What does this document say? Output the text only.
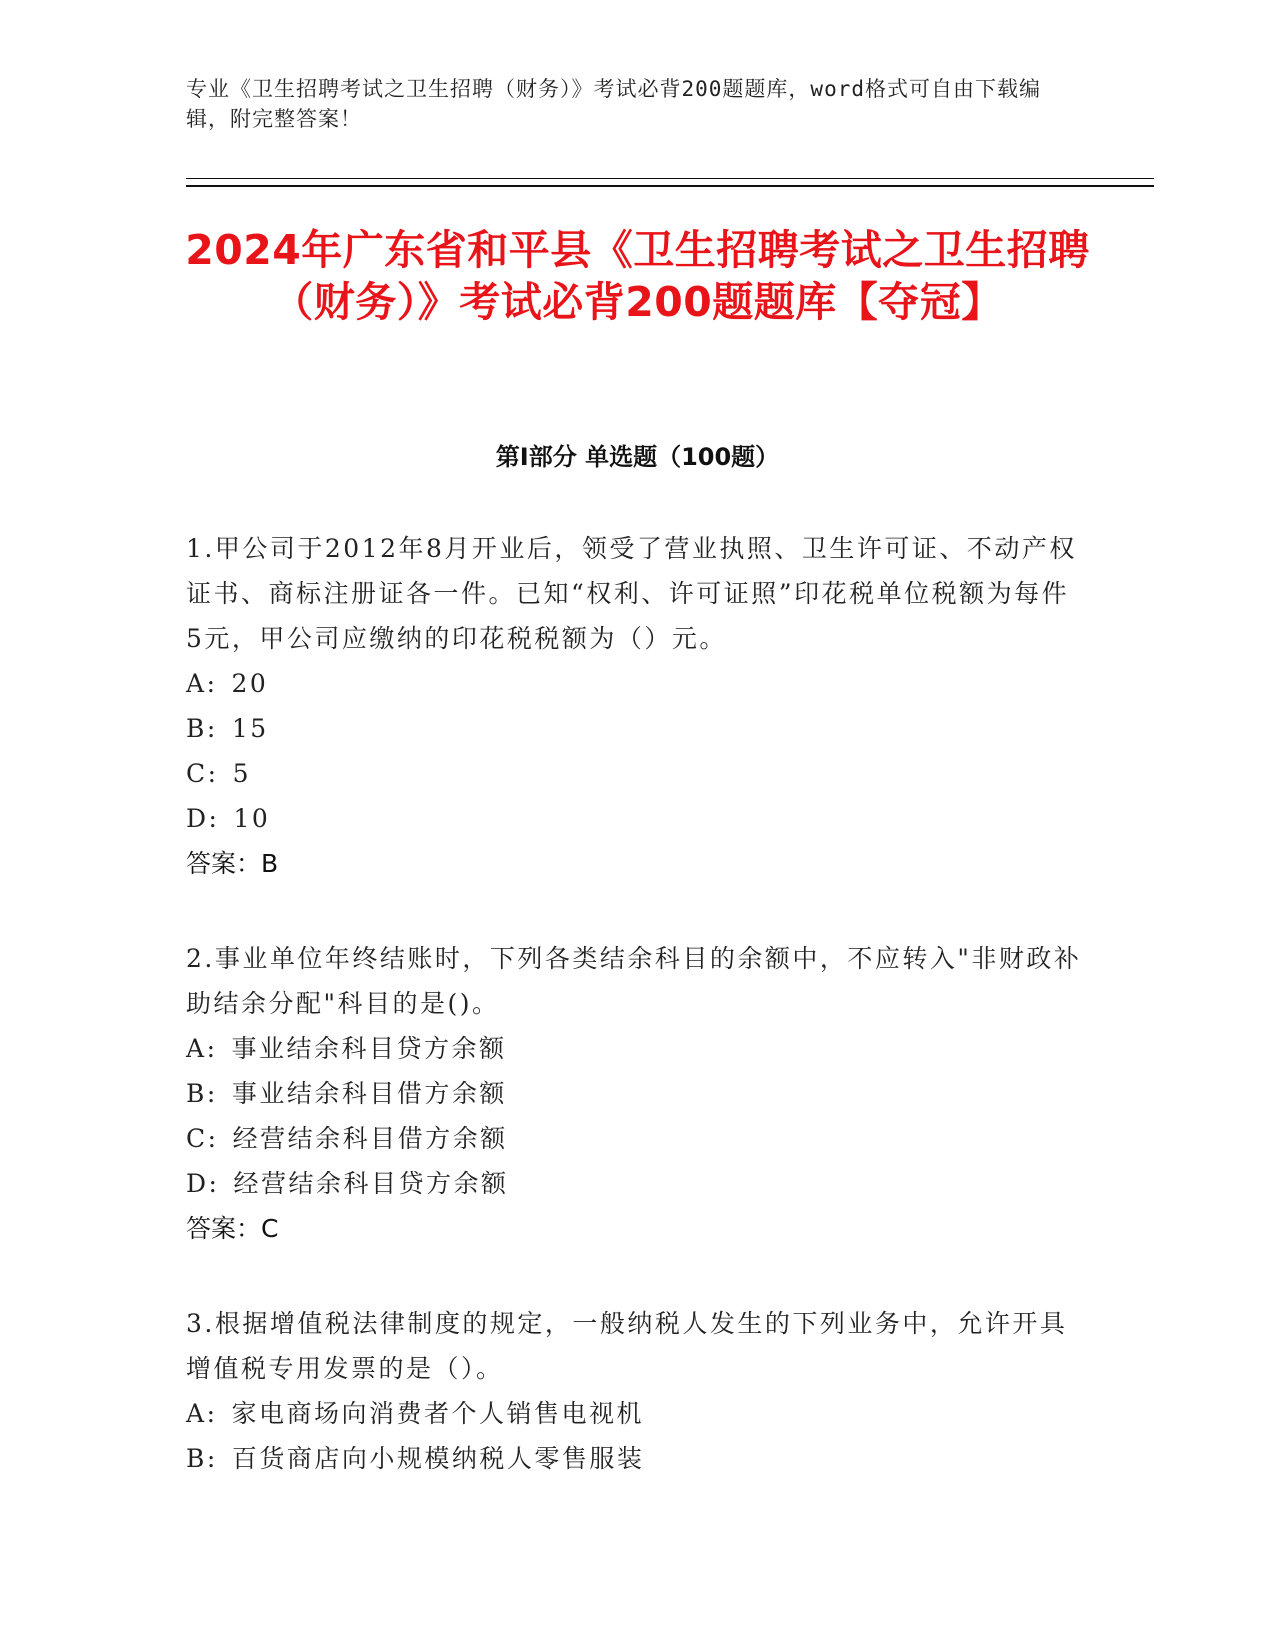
专业《卫生招聘考试之卫生招聘（财务）》考试必背200题题库，word格式可自由下载编辑，附完整答案！
2024年广东省和平县《卫生招聘考试之卫生招聘（财务）》考试必背200题题库【夺冠】
第Ⅰ部分 单选题（100题）

1.甲公司于2012年8月开业后，领受了营业执照、卫生许可证、不动产权证书、商标注册证各一件。已知“权利、许可证照”印花税单位税额为每件5元，甲公司应缴纳的印花税税额为（）元。

A: 20

B: 15

C: 5

D: 10

答案：B

2.事业单位年终结账时，下列各类结余科目的余额中，不应转入"非财政补助结余分配"科目的是()。

A: 事业结余科目贷方余额

B: 事业结余科目借方余额

C: 经营结余科目借方余额

D: 经营结余科目贷方余额

答案：C

3.根据增值税法律制度的规定，一般纳税人发生的下列业务中，允许开具增值税专用发票的是（）。

A: 家电商场向消费者个人销售电视机

B: 百货商店向小规模纳税人零售服装
